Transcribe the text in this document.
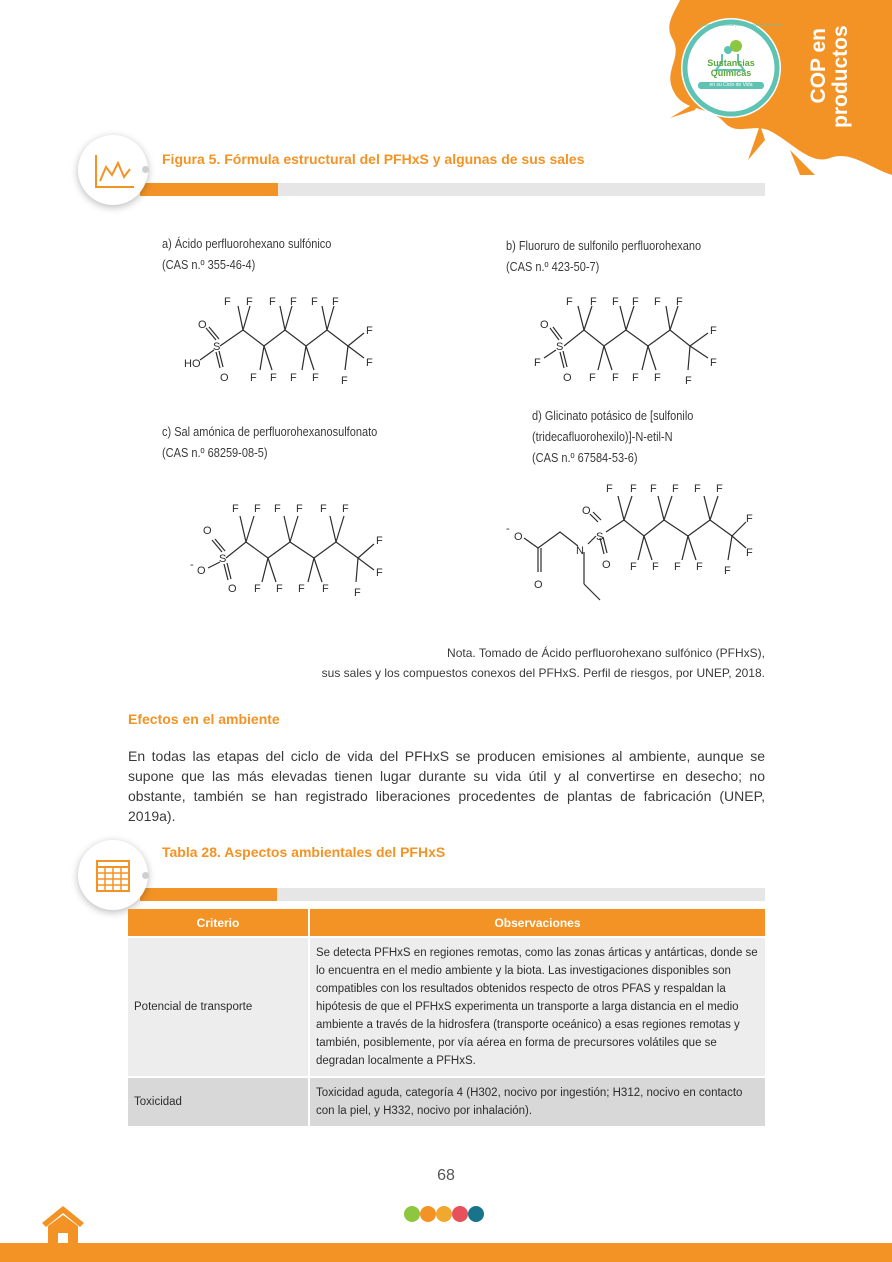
Sustancias Químicas
en su Ciclo de Vida
Programa Nacional para la Gestión Ambiental
COP en productos
Figura 5. Fórmula estructural del PFHxS y algunas de sus sales
a) Ácido perfluorohexano sulfónico
(CAS n.º 355-46-4)
b) Fluoruro de sulfonilo perfluorohexano
(CAS n.º 423-50-7)
c) Sal amónica de perfluorohexanosulfonato
(CAS n.º 68259-08-5)
d) Glicinato potásico de [sulfonilo
(tridecafluorohexilo)]-N-etil-N
(CAS n.º 67584-53-6)
S
O
O
HO
F F F F F F
F F F F F
F
F
S
O
O
F
F F F F F F
F F F F F
F
F
S
O
O
O
-
F F F F F F
F F F F F
F
F
-
O
O
N
S
O
O
F F F F F F
F F F F F
F
F
Nota. Tomado de Ácido perfluorohexano sulfónico (PFHxS),
sus sales y los compuestos conexos del PFHxS. Perfil de riesgos, por UNEP, 2018.
Efectos en el ambiente
En todas las etapas del ciclo de vida del PFHxS se producen emisiones al ambiente, aunque se supone que las más elevadas tienen lugar durante su vida útil y al convertirse en desecho; no obstante, también se han registrado liberaciones procedentes de plantas de fabricación (UNEP, 2019a).
Tabla 28. Aspectos ambientales del PFHxS
Criterio	Observaciones
Potencial de transporte	Se detecta PFHxS en regiones remotas, como las zonas árticas y antárticas, donde se lo encuentra en el medio ambiente y la biota. Las investigaciones disponibles son compatibles con los resultados obtenidos respecto de otros PFAS y respaldan la hipótesis de que el PFHxS experimenta un transporte a larga distancia en el medio ambiente a través de la hidrosfera (transporte oceánico) a esas regiones remotas y también, posiblemente, por vía aérea en forma de precursores volátiles que se degradan localmente a PFHxS.
Toxicidad	Toxicidad aguda, categoría 4 (H302, nocivo por ingestión; H312, nocivo en contacto con la piel, y H332, nocivo por inhalación).
68
